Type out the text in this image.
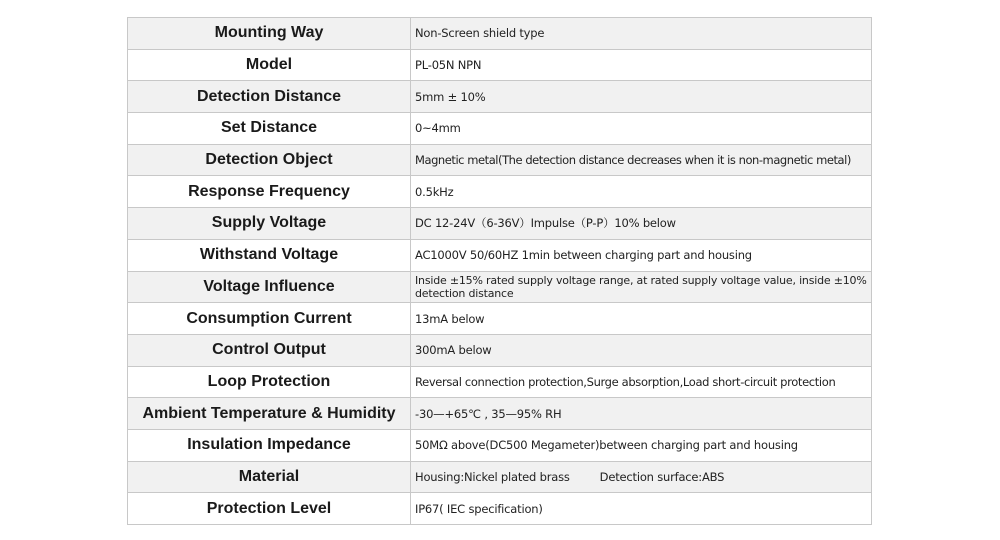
Mounting Way	Non-Screen shield type
Model	PL-05N NPN
Detection Distance	5mm ± 10%
Set Distance	0~4mm
Detection Object	Magnetic metal(The detection distance decreases when it is non-magnetic metal)

Response Frequency	0.5kHz
Supply Voltage	DC 12-24V（6-36V）Impulse（P-P）10% below
Withstand Voltage	AC1000V 50/60HZ 1min between charging part and housing
Voltage Influence	Inside ±15% rated supply voltage range, at rated supply voltage value, inside ±10% detection distance

Consumption Current	13mA below
Control Output	300mA below
Loop Protection	Reversal connection protection,Surge absorption,Load short-circuit protection

Ambient Temperature & Humidity	-30—+65℃ , 35—95% RH
Insulation Impedance	50MΩ above(DC500 Megameter)between charging part and housing
Material	Housing:Nickel plated brass Detection surface:ABS
Protection Level	IP67( IEC specification)
